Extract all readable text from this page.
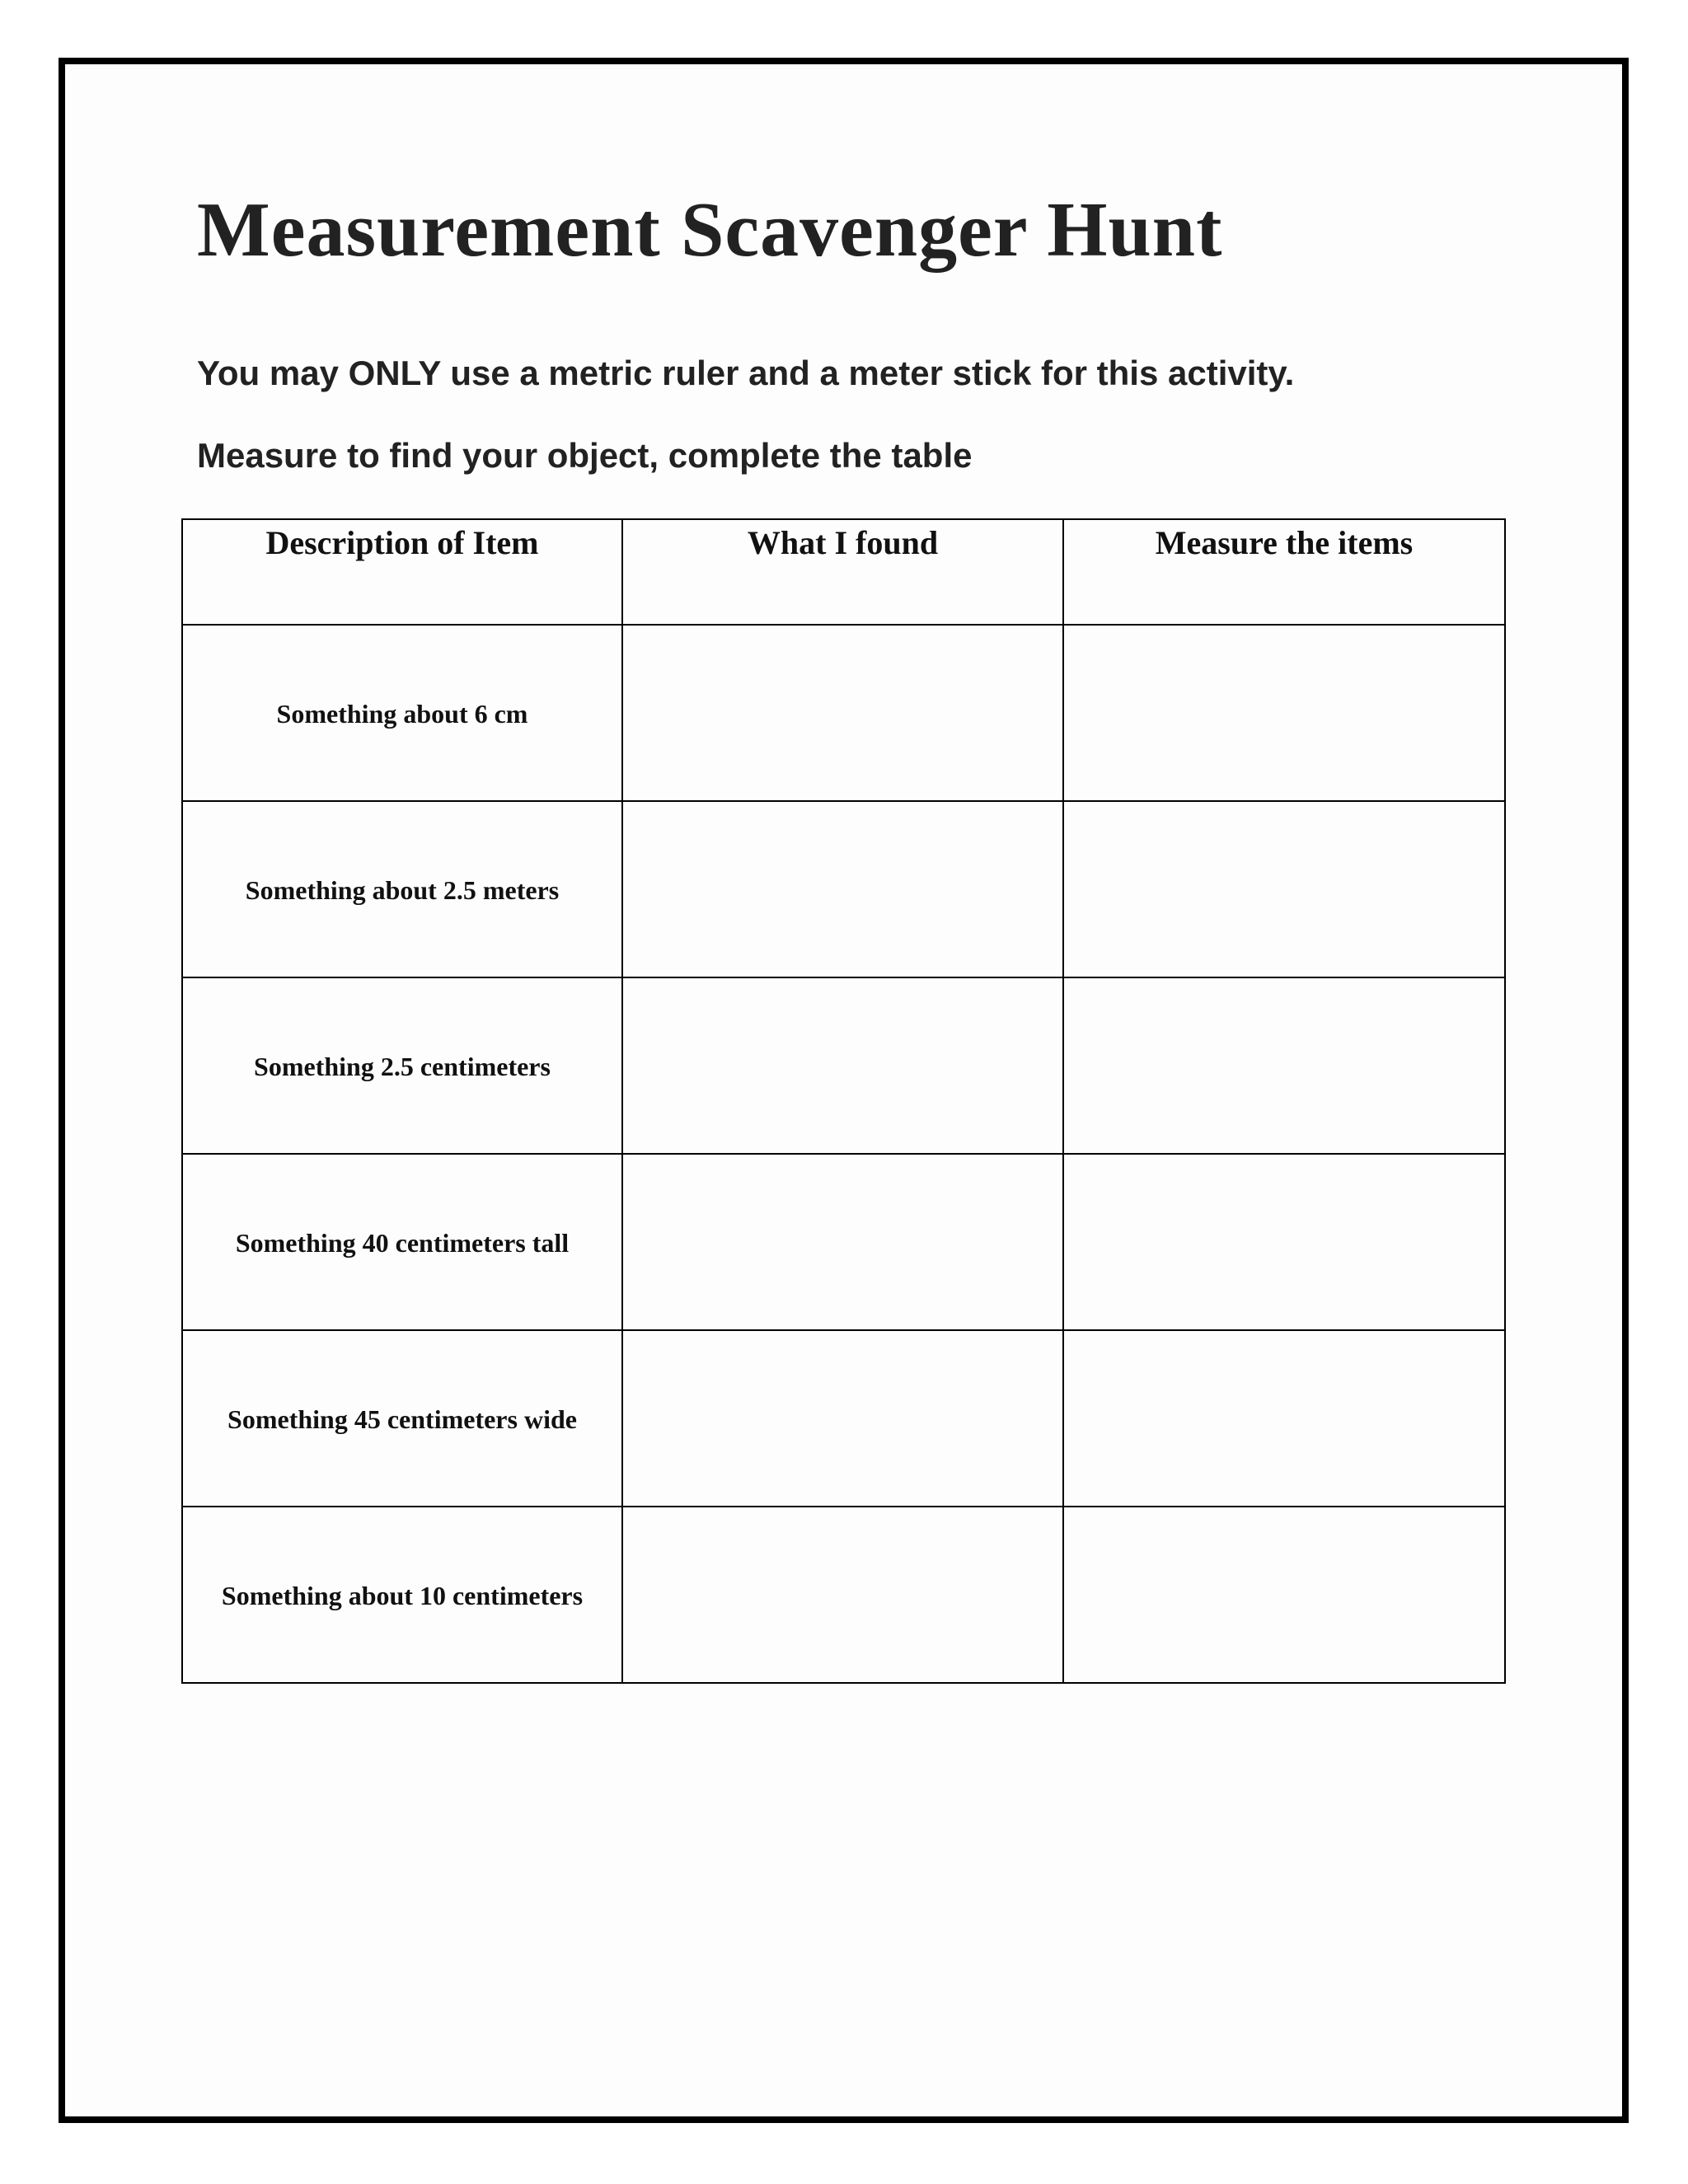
Measurement Scavenger Hunt

You may ONLY use a metric ruler and a meter stick for this activity.

Measure to find your object, complete the table

Description of Item	What I found	Measure the items
Something about 6 cm		
Something about 2.5 meters		
Something 2.5 centimeters		
Something 40 centimeters tall		
Something 45 centimeters wide		
Something about 10 centimeters		
